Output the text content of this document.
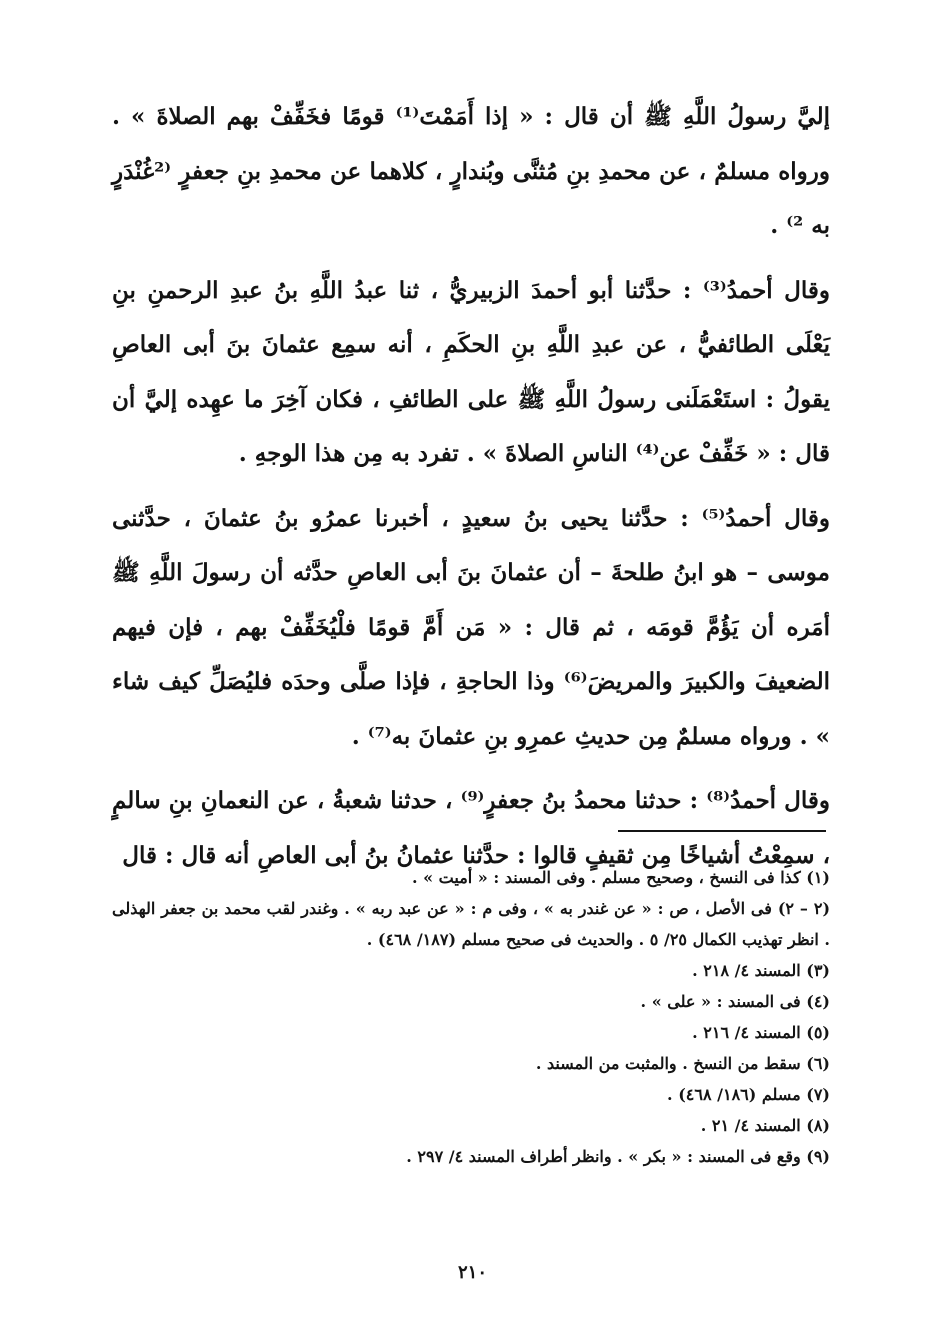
إليَّ رسولُ اللَّهِ ﷺ أن قال : « إذا أَمَمْتَ⁽¹⁾ قومًا فخَفِّفْ بهم الصلاةَ » . ورواه مسلمٌ ، عن محمدِ بنِ مُثنَّى وبُندارٍ ، كلاهما عن محمدِ بنِ جعفرٍ ⁽²غُنْدَرٍ به ²⁾ .

وقال أحمدُ⁽³⁾ : حدَّثنا أبو أحمدَ الزبيريُّ ، ثنا عبدُ اللَّهِ بنُ عبدِ الرحمنِ بنِ يَعْلَى الطائفيُّ ، عن عبدِ اللَّهِ بنِ الحكَمِ ، أنه سمِع عثمانَ بنَ أبى العاصِ يقولُ : استَعْمَلَنى رسولُ اللَّهِ ﷺ على الطائفِ ، فكان آخِرَ ما عهِده إليَّ أن قال : « خَفِّفْ عن⁽⁴⁾ الناسِ الصلاةَ » . تفرد به مِن هذا الوجهِ .

وقال أحمدُ⁽⁵⁾ : حدَّثنا يحيى بنُ سعيدٍ ، أخبرنا عمرُو بنُ عثمانَ ، حدَّثنى موسى – هو ابنُ طلحةَ – أن عثمانَ بنَ أبى العاصِ حدَّثه أن رسولَ اللَّهِ ﷺ أمَره أن يَؤُمَّ قومَه ، ثم قال : « مَن أَمَّ قومًا فلْيُخَفِّفْ بهم ، فإن فيهم الضعيفَ والكبيرَ والمريضَ⁽⁶⁾ وذا الحاجةِ ، فإذا صلَّى وحدَه فليُصَلِّ كيف شاء » . ورواه مسلمٌ مِن حديثِ عمرِو بنِ عثمانَ به⁽⁷⁾ .

وقال أحمدُ⁽⁸⁾ : حدثنا محمدُ بنُ جعفرٍ⁽⁹⁾ ، حدثنا شعبةُ ، عن النعمانِ بنِ سالمٍ ، سمِعْتُ أشياخًا مِن ثقيفٍ قالوا : حدَّثنا عثمانُ بنُ أبى العاصِ أنه قال : قال

(١) كذا فى النسخ ، وصحيح مسلم . وفى المسند : « أميت » .

(٢ – ٢) فى الأصل ، ص : « عن غندر به » ، وفى م : « عن عبد ربه » . وغندر لقب محمد بن جعفر الهذلى . انظر تهذيب الكمال ٢٥/ ٥ . والحديث فى صحيح مسلم (١٨٧/ ٤٦٨) .

(٣) المسند ٤/ ٢١٨ .

(٤) فى المسند : « على » .

(٥) المسند ٤/ ٢١٦ .

(٦) سقط من النسخ . والمثبت من المسند .

(٧) مسلم (١٨٦/ ٤٦٨) .

(٨) المسند ٤/ ٢١ .

(٩) وقع فى المسند : « بكر » . وانظر أطراف المسند ٤/ ٢٩٧ .

٢١٠
